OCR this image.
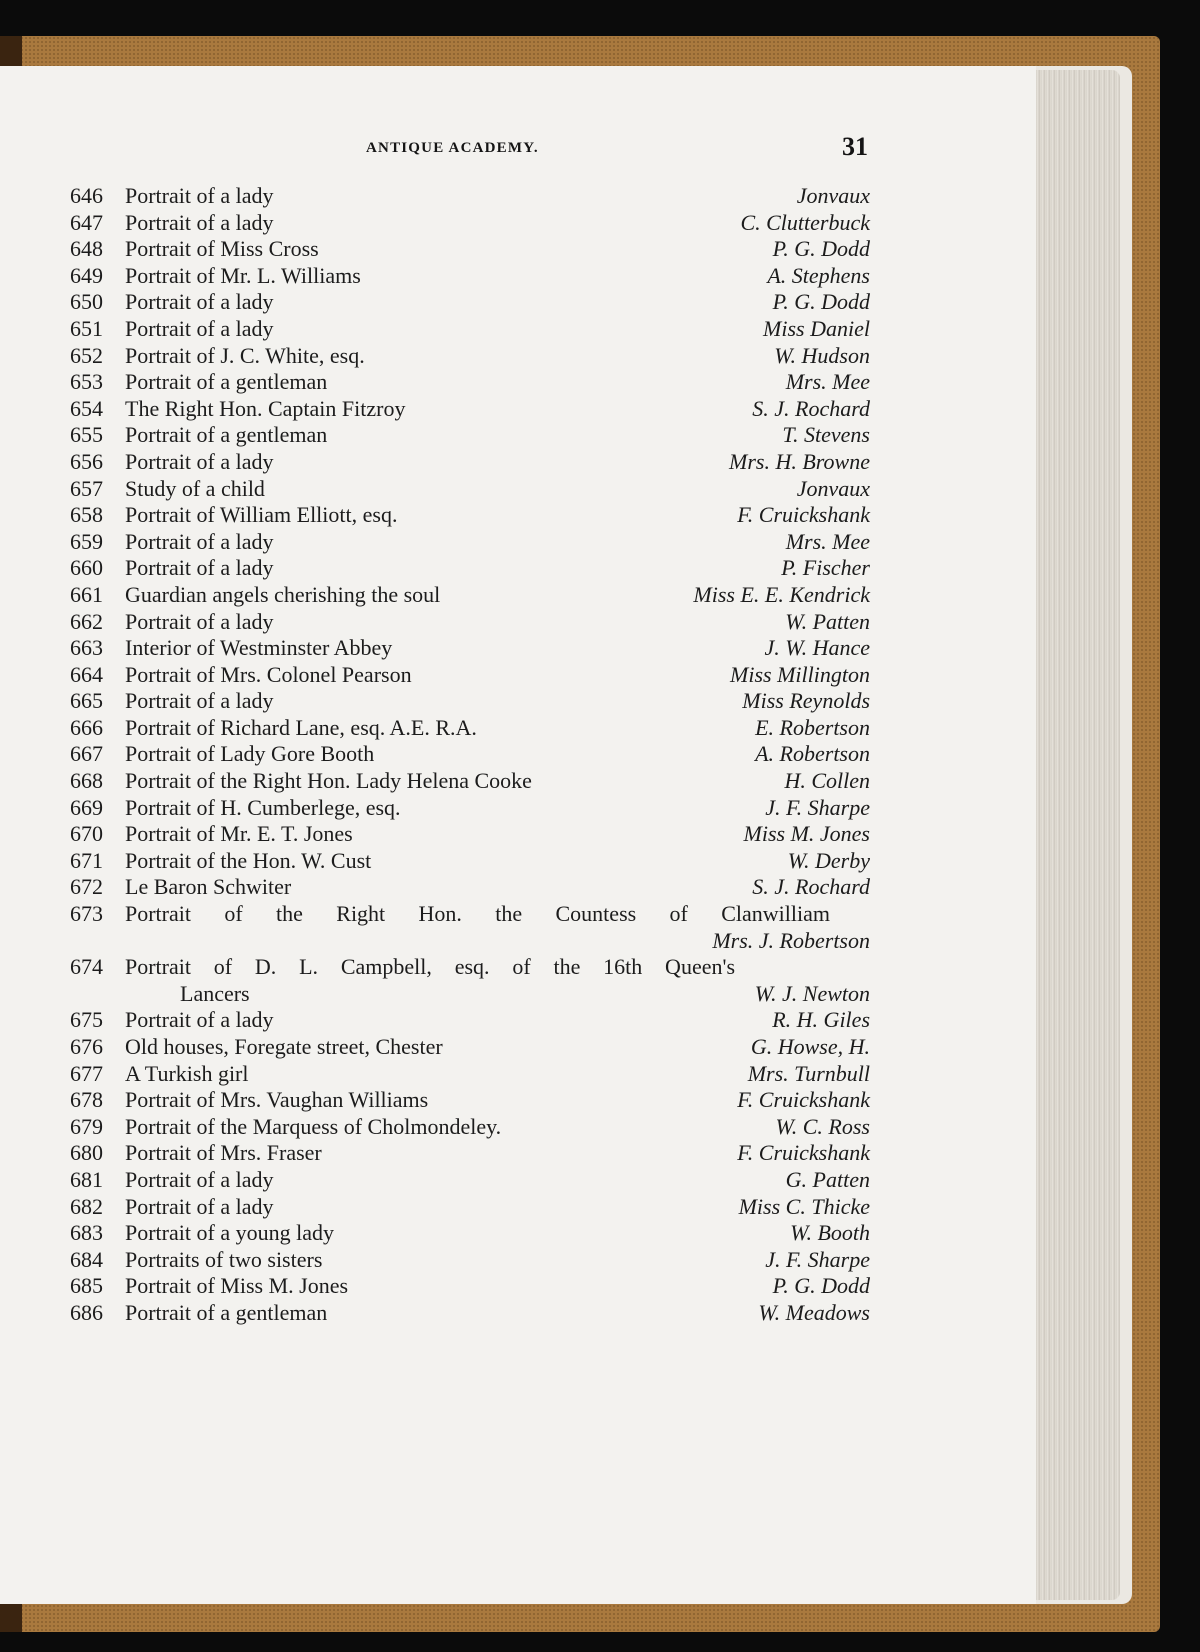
ANTIQUE ACADEMY.	31
646 Portrait of a lady	Jonvaux
647 Portrait of a lady	C. Clutterbuck
648 Portrait of Miss Cross	P. G. Dodd
649 Portrait of Mr. L. Williams	A. Stephens
650 Portrait of a lady	P. G. Dodd
651 Portrait of a lady	Miss Daniel
652 Portrait of J. C. White, esq.	W. Hudson
653 Portrait of a gentleman	Mrs. Mee
654 The Right Hon. Captain Fitzroy	S. J. Rochard
655 Portrait of a gentleman	T. Stevens
656 Portrait of a lady	Mrs. H. Browne
657 Study of a child	Jonvaux
658 Portrait of William Elliott, esq.	F. Cruickshank
659 Portrait of a lady	Mrs. Mee
660 Portrait of a lady	P. Fischer
661 Guardian angels cherishing the soul	Miss E. E. Kendrick
662 Portrait of a lady	W. Patten
663 Interior of Westminster Abbey	J. W. Hance
664 Portrait of Mrs. Colonel Pearson	Miss Millington
665 Portrait of a lady	Miss Reynolds
666 Portrait of Richard Lane, esq. A.E. R.A.	E. Robertson
667 Portrait of Lady Gore Booth	A. Robertson
668 Portrait of the Right Hon. Lady Helena Cooke	H. Collen
669 Portrait of H. Cumberlege, esq.	J. F. Sharpe
670 Portrait of Mr. E. T. Jones	Miss M. Jones
671 Portrait of the Hon. W. Cust	W. Derby
672 Le Baron Schwiter	S. J. Rochard
673 Portrait of the Right Hon. the Countess of Clanwilliam
Mrs. J. Robertson
674 Portrait of D. L. Campbell, esq. of the 16th Queen's
Lancers	W. J. Newton
675 Portrait of a lady	R. H. Giles
676 Old houses, Foregate street, Chester	G. Howse, H.
677 A Turkish girl	Mrs. Turnbull
678 Portrait of Mrs. Vaughan Williams	F. Cruickshank
679 Portrait of the Marquess of Cholmondeley.	W. C. Ross
680 Portrait of Mrs. Fraser	F. Cruickshank
681 Portrait of a lady	G. Patten
682 Portrait of a lady	Miss C. Thicke
683 Portrait of a young lady	W. Booth
684 Portraits of two sisters	J. F. Sharpe
685 Portrait of Miss M. Jones	P. G. Dodd
686 Portrait of a gentleman	W. Meadows
